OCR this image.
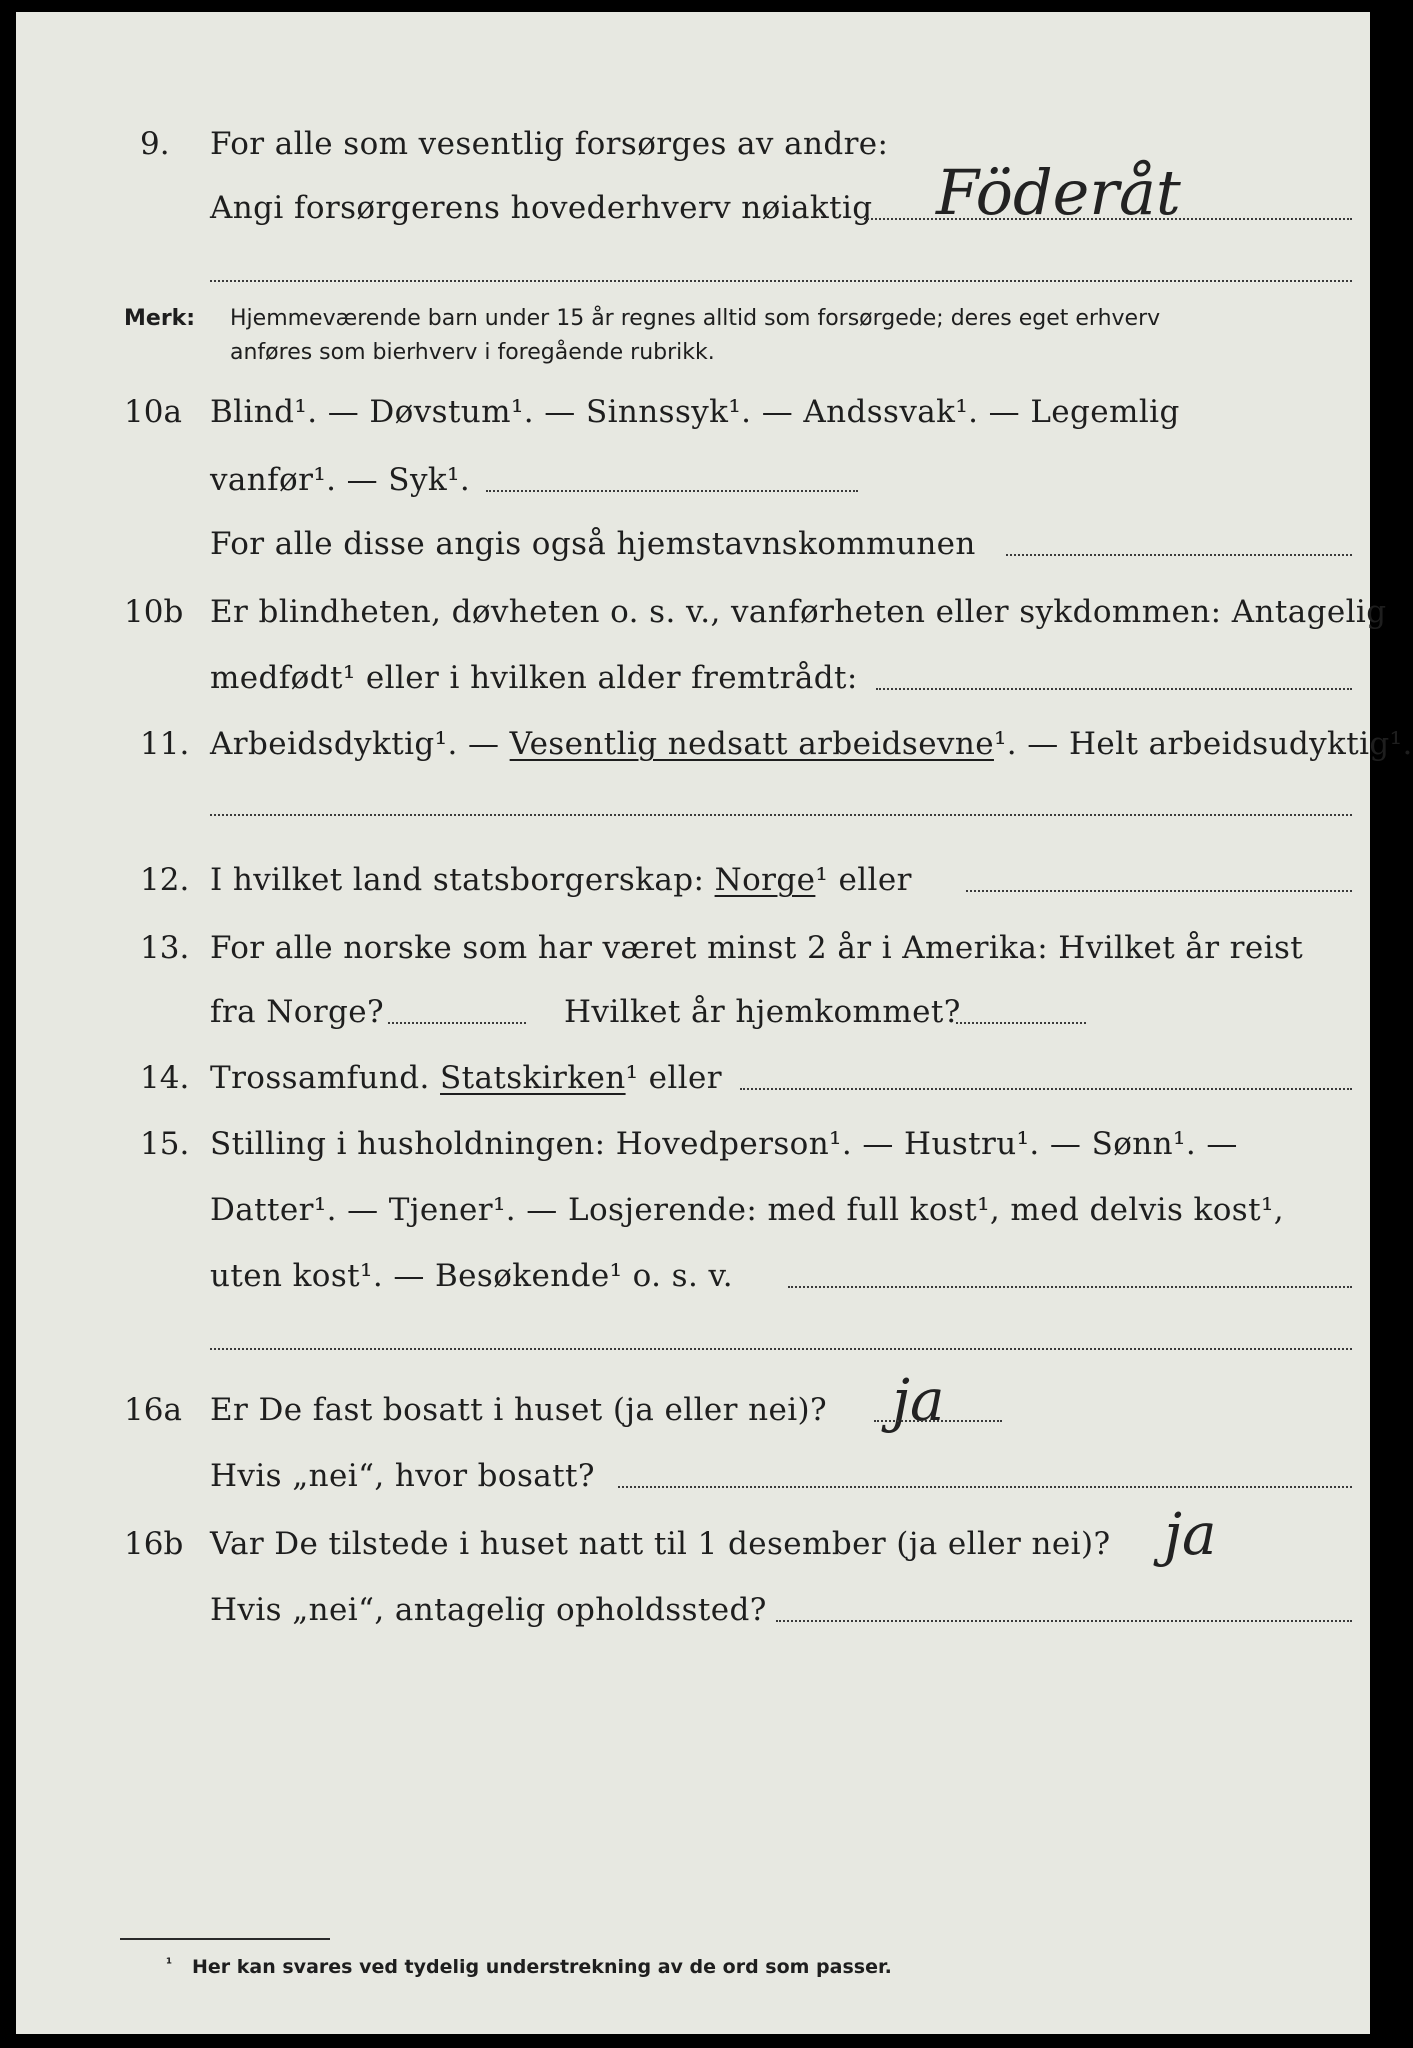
9. For alle som vesentlig forsørges av andre:
Angi forsørgerens hovederhverv nøiaktig Föderåt
Merk: Hjemmeværende barn under 15 år regnes alltid som forsørgede; deres eget erhverv
anføres som bierhverv i foregående rubrikk.
10a Blind¹. — Døvstum¹. — Sinnssyk¹. — Andssvak¹. — Legemlig
vanfør¹. — Syk¹.
For alle disse angis også hjemstavnskommunen
10b Er blindheten, døvheten o. s. v., vanførheten eller sykdommen: Antagelig
medfødt¹ eller i hvilken alder fremtrådt:
11. Arbeidsdyktig¹. — Vesentlig nedsatt arbeidsevne¹. — Helt arbeidsudyktig¹.
12. I hvilket land statsborgerskap: Norge¹ eller
13. For alle norske som har været minst 2 år i Amerika: Hvilket år reist
fra Norge?	Hvilket år hjemkommet?
14. Trossamfund. Statskirken¹ eller
15. Stilling i husholdningen: Hovedperson¹. — Hustru¹. — Sønn¹. —
Datter¹. — Tjener¹. — Losjerende: med full kost¹, med delvis kost¹,
uten kost¹. — Besøkende¹ o. s. v.
16a Er De fast bosatt i huset (ja eller nei)? ja
Hvis „nei“, hvor bosatt?
16b Var De tilstede i huset natt til 1 desember (ja eller nei)? ja
Hvis „nei“, antagelig opholdssted?
¹ Her kan svares ved tydelig understrekning av de ord som passer.
